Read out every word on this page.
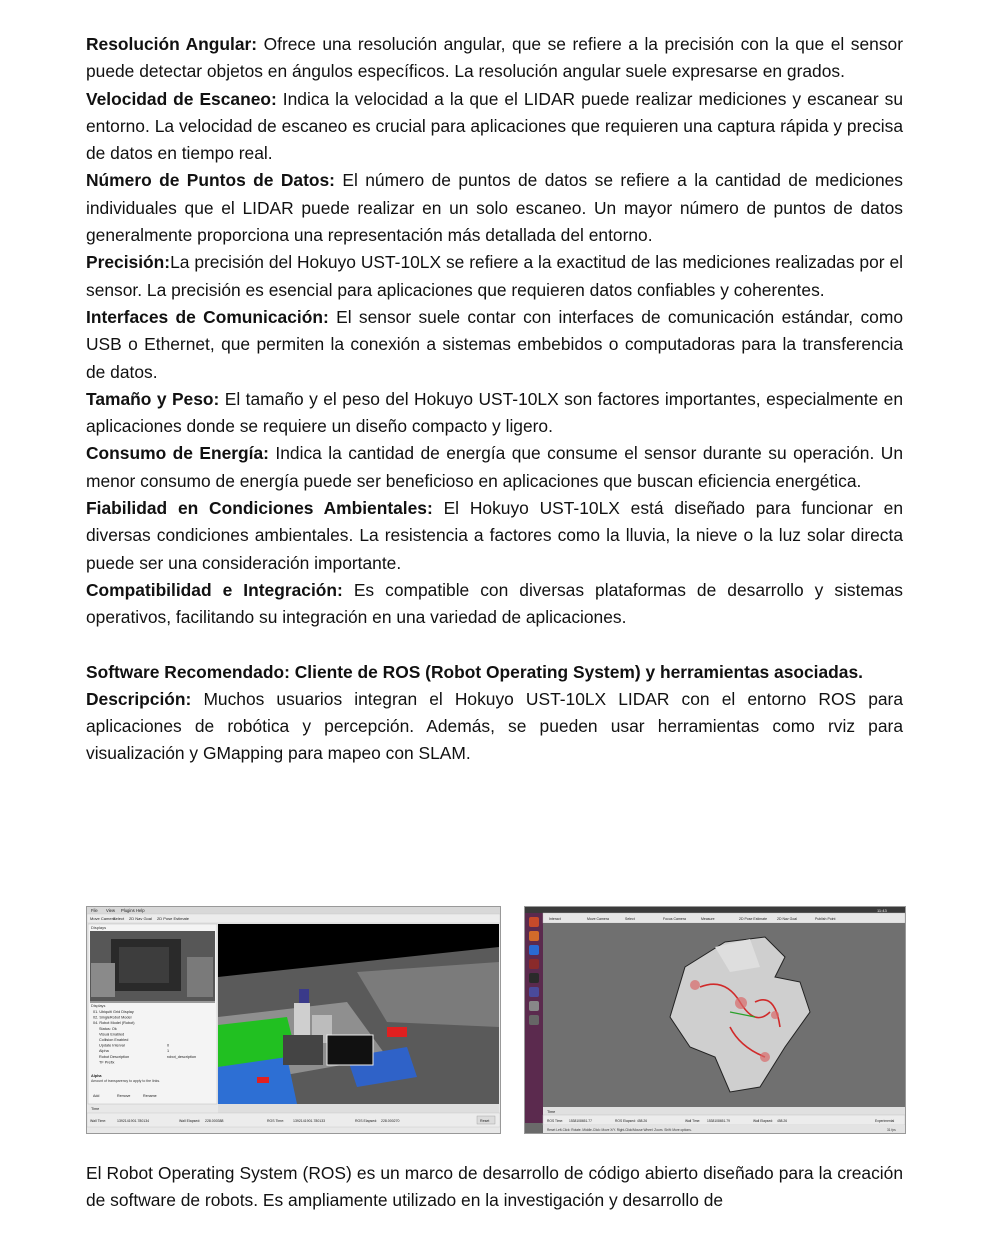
Resolución Angular: Ofrece una resolución angular, que se refiere a la precisión con la que el sensor puede detectar objetos en ángulos específicos. La resolución angular suele expresarse en grados.

Velocidad de Escaneo: Indica la velocidad a la que el LIDAR puede realizar mediciones y escanear su entorno. La velocidad de escaneo es crucial para aplicaciones que requieren una captura rápida y precisa de datos en tiempo real.

Número de Puntos de Datos: El número de puntos de datos se refiere a la cantidad de mediciones individuales que el LIDAR puede realizar en un solo escaneo. Un mayor número de puntos de datos generalmente proporciona una representación más detallada del entorno.

Precisión:La precisión del Hokuyo UST-10LX se refiere a la exactitud de las mediciones realizadas por el sensor. La precisión es esencial para aplicaciones que requieren datos confiables y coherentes.

Interfaces de Comunicación: El sensor suele contar con interfaces de comunicación estándar, como USB o Ethernet, que permiten la conexión a sistemas embebidos o computadoras para la transferencia de datos.

Tamaño y Peso: El tamaño y el peso del Hokuyo UST-10LX son factores importantes, especialmente en aplicaciones donde se requiere un diseño compacto y ligero.

Consumo de Energía: Indica la cantidad de energía que consume el sensor durante su operación. Un menor consumo de energía puede ser beneficioso en aplicaciones que buscan eficiencia energética.

Fiabilidad en Condiciones Ambientales: El Hokuyo UST-10LX está diseñado para funcionar en diversas condiciones ambientales. La resistencia a factores como la lluvia, la nieve o la luz solar directa puede ser una consideración importante.

Compatibilidad e Integración: Es compatible con diversas plataformas de desarrollo y sistemas operativos, facilitando su integración en una variedad de aplicaciones.

Software Recomendado: Cliente de ROS (Robot Operating System) y herramientas asociadas.

Descripción: Muchos usuarios integran el Hokuyo UST-10LX LIDAR con el entorno ROS para aplicaciones de robótica y percepción. Además, se pueden usar herramientas como rviz para visualización y GMapping para mapeo con SLAM.

File View Plugins Help
Move Camera
Select 2D Nav Goal 2D Pose Estimate
Displays
Displays
01. Ubiquiti Grid Display
02. SingleRobot Model
04. Robot Model (Robot)
Status: Ok
Visual Enabled
Collision Enabled
Update Interval	0
Alpha	1
Robot Description	robot_description
TF Prefix
Alpha
Amount of transparency to apply to the links.
Add	Remove	Rename
Time
Wall Time:	1392141901.780134	Wall Elapsed: 228.000388	ROS Time:	1392141901.780133	ROS Elapsed: 228.000270	Reset
11:43
Interact	Move Camera	Select	Focus Camera	Measure	2D Pose Estimate	2D Nav Goal	Publish Point
Time
ROS Time: 1538108651.77	ROS Elapsed: 458.26	Wall Time: 1538108651.79	Wall Elapsed: 458.26	Experimental
Reset Left-Click: Rotate. Middle-Click: Move X/Y. Right-Click/Mouse Wheel: Zoom. Shift: More options.	31 fps

El Robot Operating System (ROS) es un marco de desarrollo de código abierto diseñado para la creación de software de robots. Es ampliamente utilizado en la investigación y desarrollo de
